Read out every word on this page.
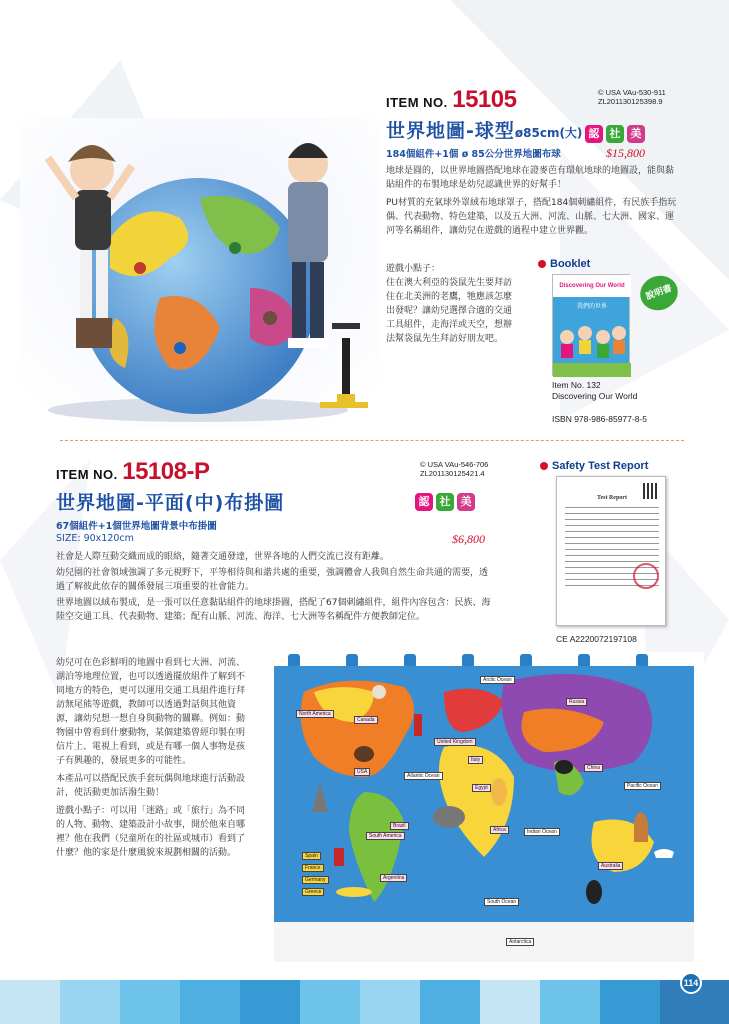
ITEM NO. 15105	© USA VAu-530-911
ZL201130125398.9
世界地圖-球型ø85cm(大) 認 社 美
184個組件+1個 ø 85公分世界地圖布球	$15,800

地球是圓的，以世界地圖搭配地球在證麥芭有環航地球的地圖設，能與黏貼組件的布製地球是幼兒認識世界的好幫手！

PU材質的充氣球外罩絨布地球罩子，搭配184個刺繡組件，有民族手指玩偶、代表動物、特色建築，以及五大洲、河流、山脈、七大洲、國家、運河等名稱組件，讓幼兒在遊戲的過程中建立世界觀。

遊戲小點子：

住在澳大利亞的袋鼠先生要拜訪住在北美洲的老鷹，牠應該怎麼出發呢？讓幼兒選擇合適的交通工具組件，走海洋或天空，想辦法幫袋鼠先生拜訪好朋友吧。

Booklet
Discovering Our World
我們的世界
說明書
Item No. 132
Discovering Our World
ISBN 978-986-85977-8-5
ITEM NO. 15108-P	© USA VAu-546-706
ZL201130125421.4
世界地圖-平面(中)布掛圖	認 社 美
67個組件+1個世界地圖背景中布掛圖
SIZE: 90x120cm	$6,800

社會是人際互動交織而成的眼絡，隨著交通發達，世界各地的人們交流已沒有距離。

幼兒園的社會領域強調了多元視野下，平等相待與和諧共處的重要，強調體會人我與自然生命共通的需要，透過了解彼此依存的關係發展三項重要的社會能力。

世界地圖以絨布製成，是一張可以任意黏貼組件的地球掛圖，搭配了67個刺繡組件，組件內容包含：民族、海陸空交通工具、代表動物、建築；配有山脈、河流、海洋、七大洲等名稱配件方便教師定位。

幼兒可在色彩鮮明的地圖中看到七大洲、河流、湖泊等地理位置，也可以透過擺放組件了解到不同地方的特色，更可以運用交通工具組件進行拜訪無尾熊等遊戲，教師可以透過對話與其他資源，讓幼兒想一想自身與動物的關聯。例如：動物園中曾看到什麼動物，某個建築曾經印製在明信片上、電視上看到，或是有哪一個人事物是孩子有興趣的，發展更多的可能性。

本產品可以搭配民族手套玩偶與地球進行活動設計，使活動更加活潑生動！

遊戲小點子：可以用「迷路」或「旅行」為不同的人物、動物、建築設計小故事，開於他來自哪裡？他在我們（兒童所在的社區或城市）看到了什麼？他的家是什麼風貌來規劃相關的活動。

Safety Test Report
Test Report
CE A2220072197108
North America
Arctic Ocean
Canada
USA
Atlantic Ocean
United Kingdom
Italy
Egypt
Russia
China
Pacific Ocean
Indian Ocean
Australia
South America
Brazil
Africa
Argentina
South Ocean
Antarctica
Spain
France
Germany
Greece
114
